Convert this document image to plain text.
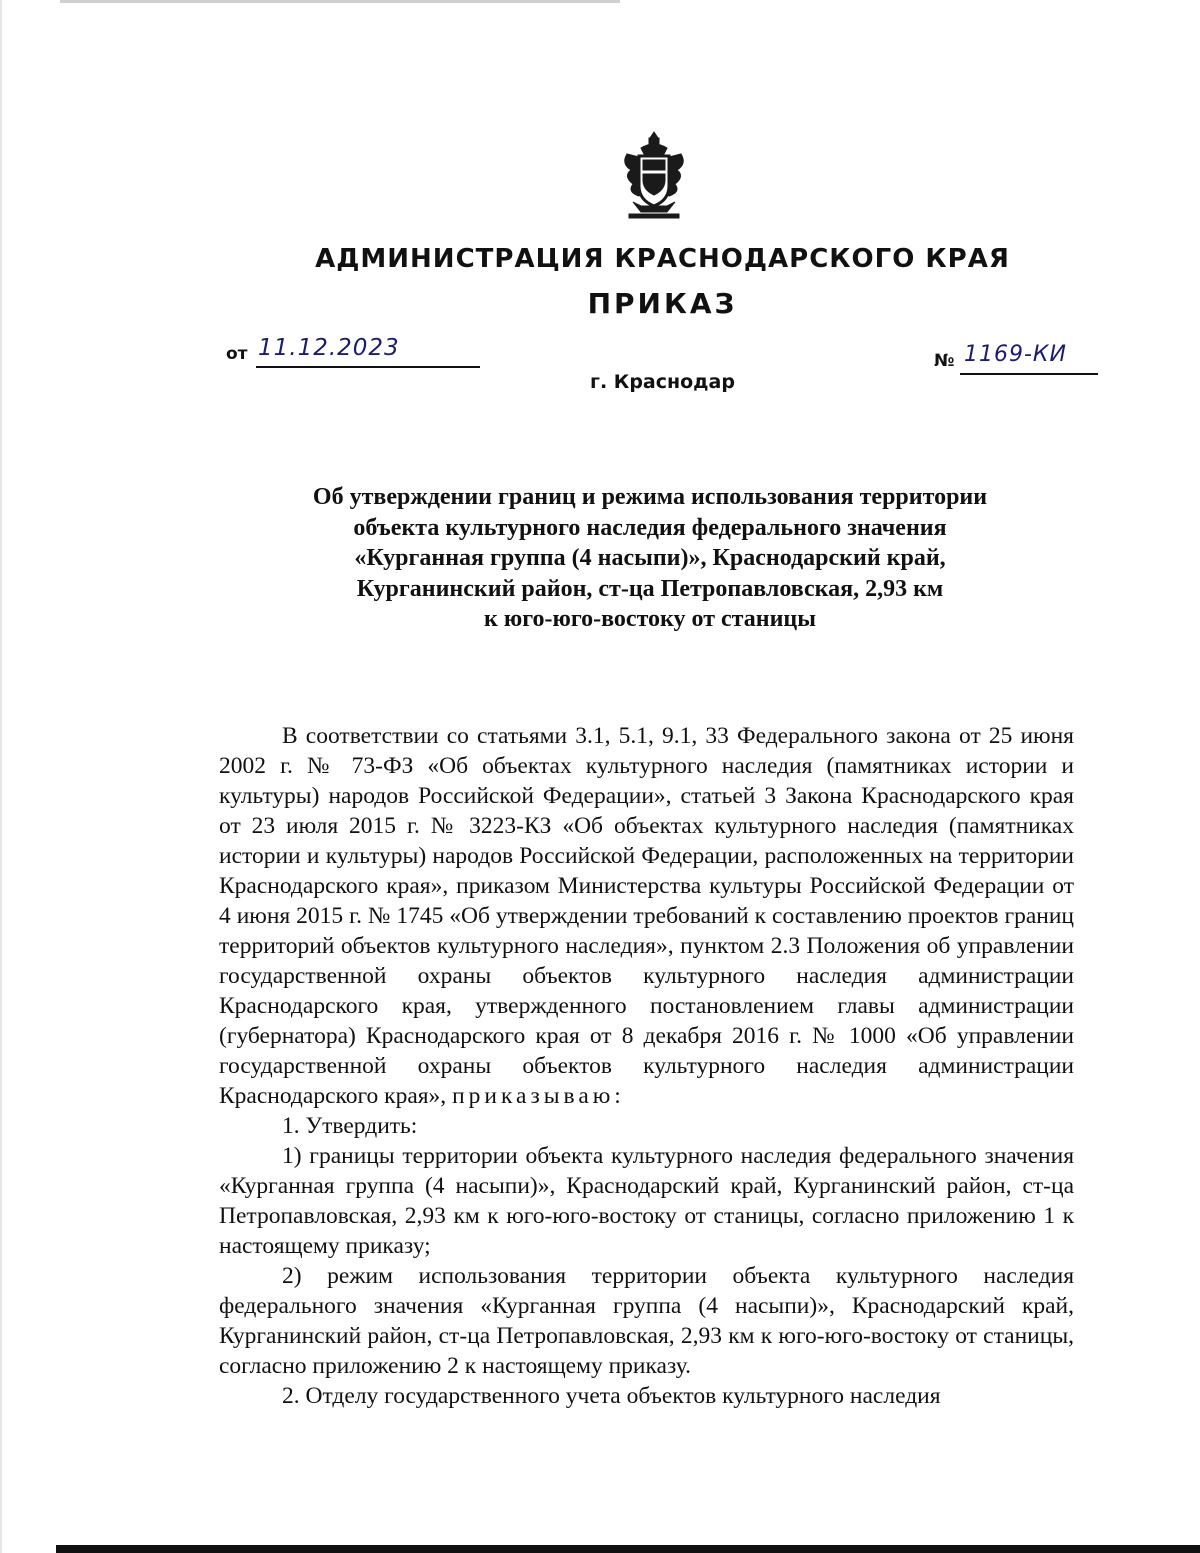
АДМИНИСТРАЦИЯ КРАСНОДАРСКОГО КРАЯ
ПРИКАЗ
от 11.12.2023	№ 1169-КИ
г. Краснодар
Об утверждении границ и режима использования территории
объекта культурного наследия федерального значения
«Курганная группа (4 насыпи)», Краснодарский край,
Курганинский район, ст-ца Петропавловская, 2,93 км
к юго-юго-востоку от станицы

В соответствии со статьями 3.1, 5.1, 9.1, 33 Федерального закона от 25 июня 2002 г. № 73-ФЗ «Об объектах культурного наследия (памятниках истории и культуры) народов Российской Федерации», статьей 3 Закона Краснодарского края от 23 июля 2015 г. № 3223-КЗ «Об объектах культурного наследия (памятниках истории и культуры) народов Российской Федерации, расположенных на территории Краснодарского края», приказом Министерства культуры Российской Федерации от 4 июня 2015 г. № 1745 «Об утверждении требований к составлению проектов границ территорий объектов культурного наследия», пунктом 2.3 Положения об управлении государственной охраны объектов культурного наследия администрации Краснодарского края, утвержденного постановлением главы администрации (губернатора) Краснодарского края от 8 декабря 2016 г. № 1000 «Об управлении государственной охраны объектов культурного наследия администрации Краснодарского края», приказываю:

1. Утвердить:

1) границы территории объекта культурного наследия федерального значения «Курганная группа (4 насыпи)», Краснодарский край, Курганинский район, ст-ца Петропавловская, 2,93 км к юго-юго-востоку от станицы, согласно приложению 1 к настоящему приказу;

2) режим использования территории объекта культурного наследия федерального значения «Курганная группа (4 насыпи)», Краснодарский край, Курганинский район, ст-ца Петропавловская, 2,93 км к юго-юго-востоку от станицы, согласно приложению 2 к настоящему приказу.

2. Отделу государственного учета объектов культурного наследия
